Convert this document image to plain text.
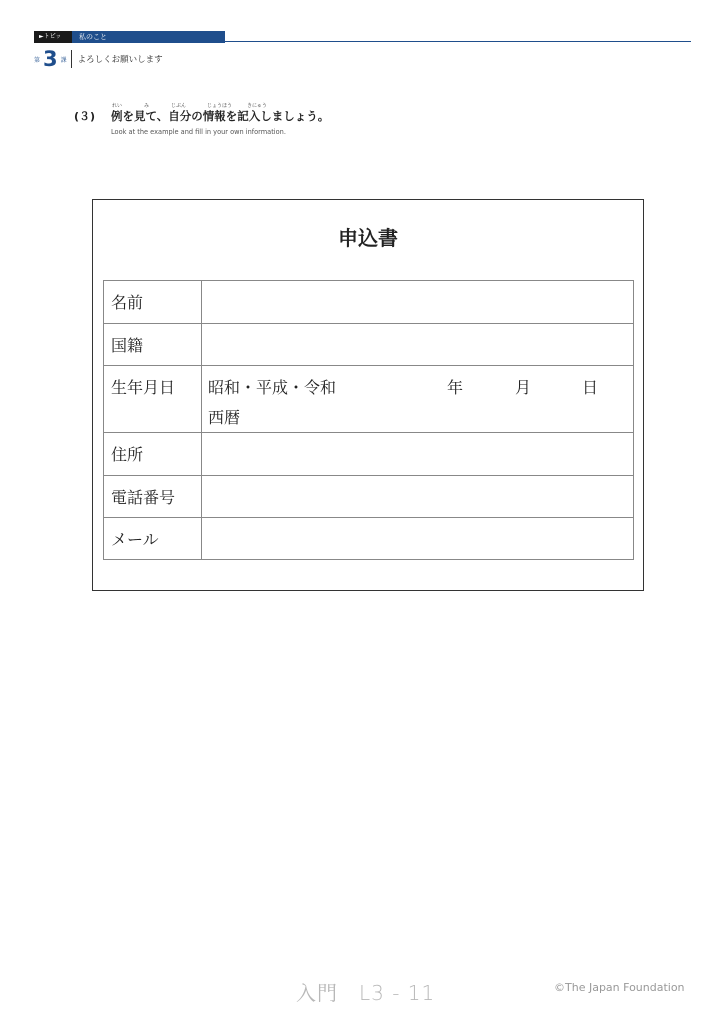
►トピック
私のこと
第 3 課 よろしくお願いします
れい	み	じぶん	じょうほう	きにゅう
(３)	例を見て、自分の情報を記入しましょう。
Look at the example and fill in your own information.
申込書
名前
国籍
生年月日	昭和・平成・令和	年	月	日
西暦
住所
電話番号
メール
入門　L3 - 11	©The Japan Foundation
